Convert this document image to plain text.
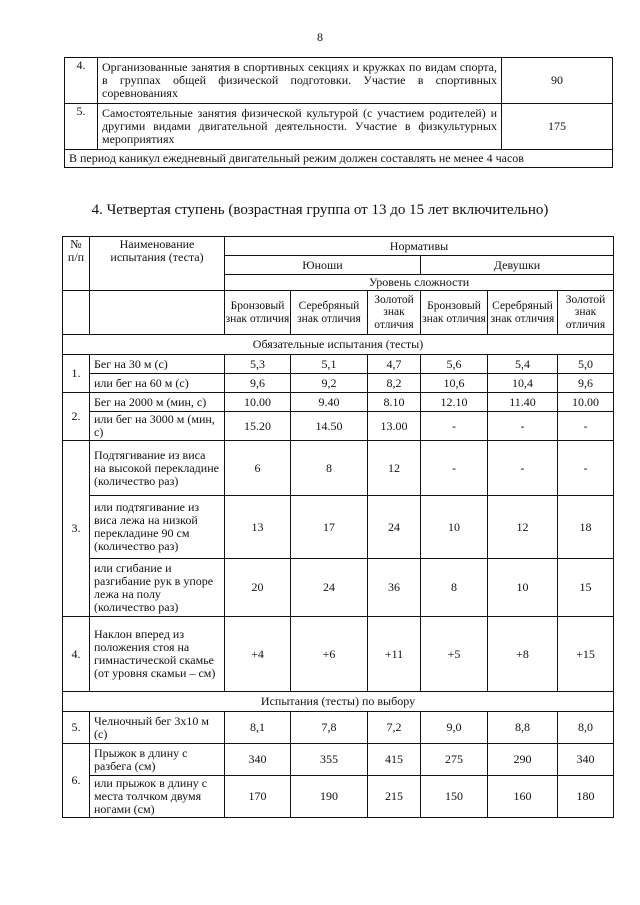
8
4.	Организованные занятия в спортивных секциях и кружках по видам спорта, в группах общей физической подготовки. Участие в спортивных соревнованиях	90
5.	Самостоятельные занятия физической культурой (с участием родителей) и другими видами двигательной деятельности. Участие в физкультурных мероприятиях	175
В период каникул ежедневный двигательный режим должен составлять не менее 4 часов		
4. Четвертая ступень (возрастная группа от 13 до 15 лет включительно)
№ п/п	Наименование испытания (теста)	Нормативы					
		Юноши			Девушки		
		Уровень сложности					
		Бронзовый знак отличия	Серебряный знак отличия	Золотой знак отличия	Бронзовый знак отличия	Серебряный знак отличия	Золотой знак отличия
Обязательные испытания (тесты)							
1.	Бег на 30 м (с)	5,3	5,1	4,7	5,6	5,4	5,0
	или бег на 60 м (с)	9,6	9,2	8,2	10,6	10,4	9,6
2.	Бег на 2000 м (мин, с)	10.00	9.40	8.10	12.10	11.40	10.00
	или бег на 3000 м (мин, с)	15.20	14.50	13.00	-	-	-
3.	Подтягивание из виса на высокой перекладине (количество раз)	6	8	12	-	-	-
	или подтягивание из виса лежа на низкой перекладине 90 см (количество раз)	13	17	24	10	12	18
	или сгибание и разгибание рук в упоре лежа на полу (количество раз)	20	24	36	8	10	15
4.	Наклон вперед из положения стоя на гимнастической скамье (от уровня скамьи – см)	+4	+6	+11	+5	+8	+15
Испытания (тесты) по выбору							
5.	Челночный бег 3x10 м (с)	8,1	7,8	7,2	9,0	8,8	8,0
6.	Прыжок в длину с разбега (см)	340	355	415	275	290	340
	или прыжок в длину с места толчком двумя ногами (см)	170	190	215	150	160	180
